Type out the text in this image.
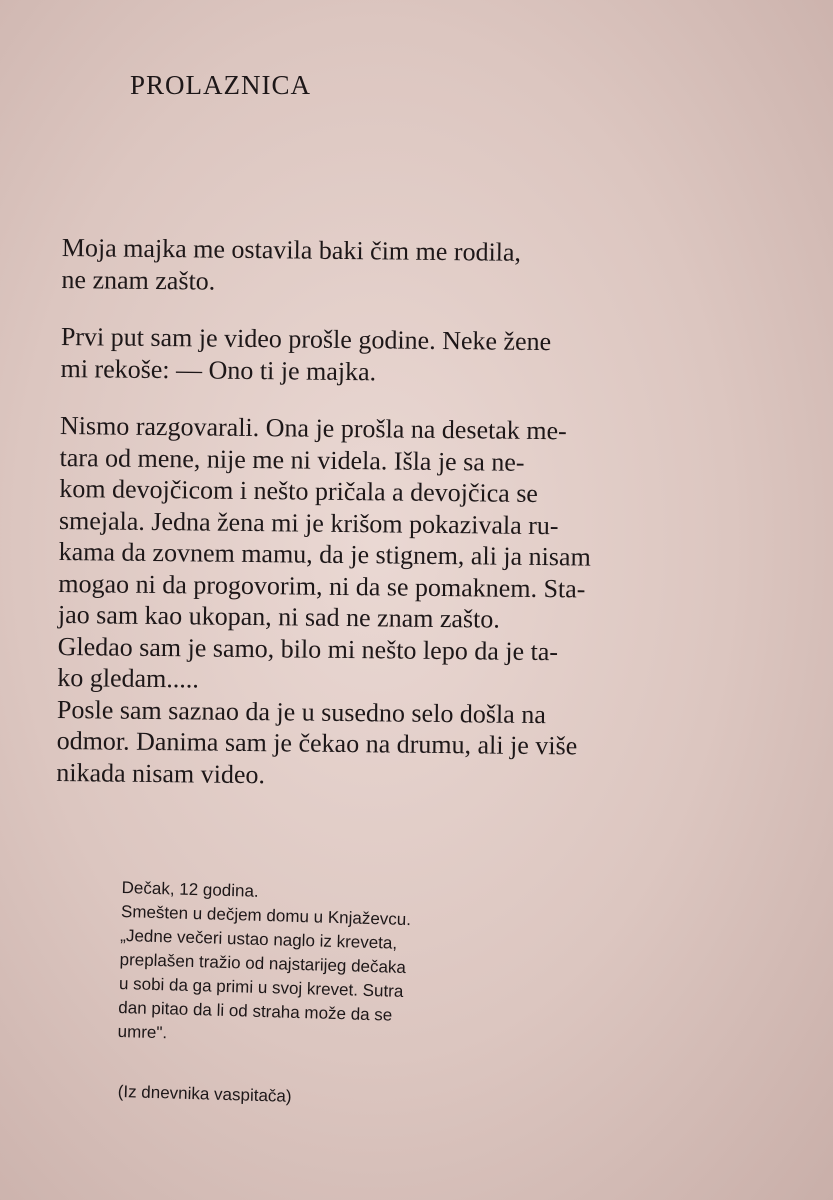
PROLAZNICA

Moja majka me ostavila baki čim me rodila,
ne znam zašto.

Prvi put sam je video prošle godine. Neke žene
mi rekoše: — Ono ti je majka.

Nismo razgovarali. Ona je prošla na desetak me-
tara od mene, nije me ni videla. Išla je sa ne-
kom devojčicom i nešto pričala a devojčica se
smejala. Jedna žena mi je krišom pokazivala ru-
kama da zovnem mamu, da je stignem, ali ja nisam
mogao ni da progovorim, ni da se pomaknem. Sta-
jao sam kao ukopan, ni sad ne znam zašto.
Gledao sam je samo, bilo mi nešto lepo da je ta-
ko gledam.....
Posle sam saznao da je u susedno selo došla na
odmor. Danima sam je čekao na drumu, ali je više
nikada nisam video.

Dečak, 12 godina.
Smešten u dečjem domu u Knjaževcu.
„Jedne večeri ustao naglo iz kreveta,
preplašen tražio od najstarijeg dečaka
u sobi da ga primi u svoj krevet. Sutra
dan pitao da li od straha može da se
umre".
(Iz dnevnika vaspitača)
